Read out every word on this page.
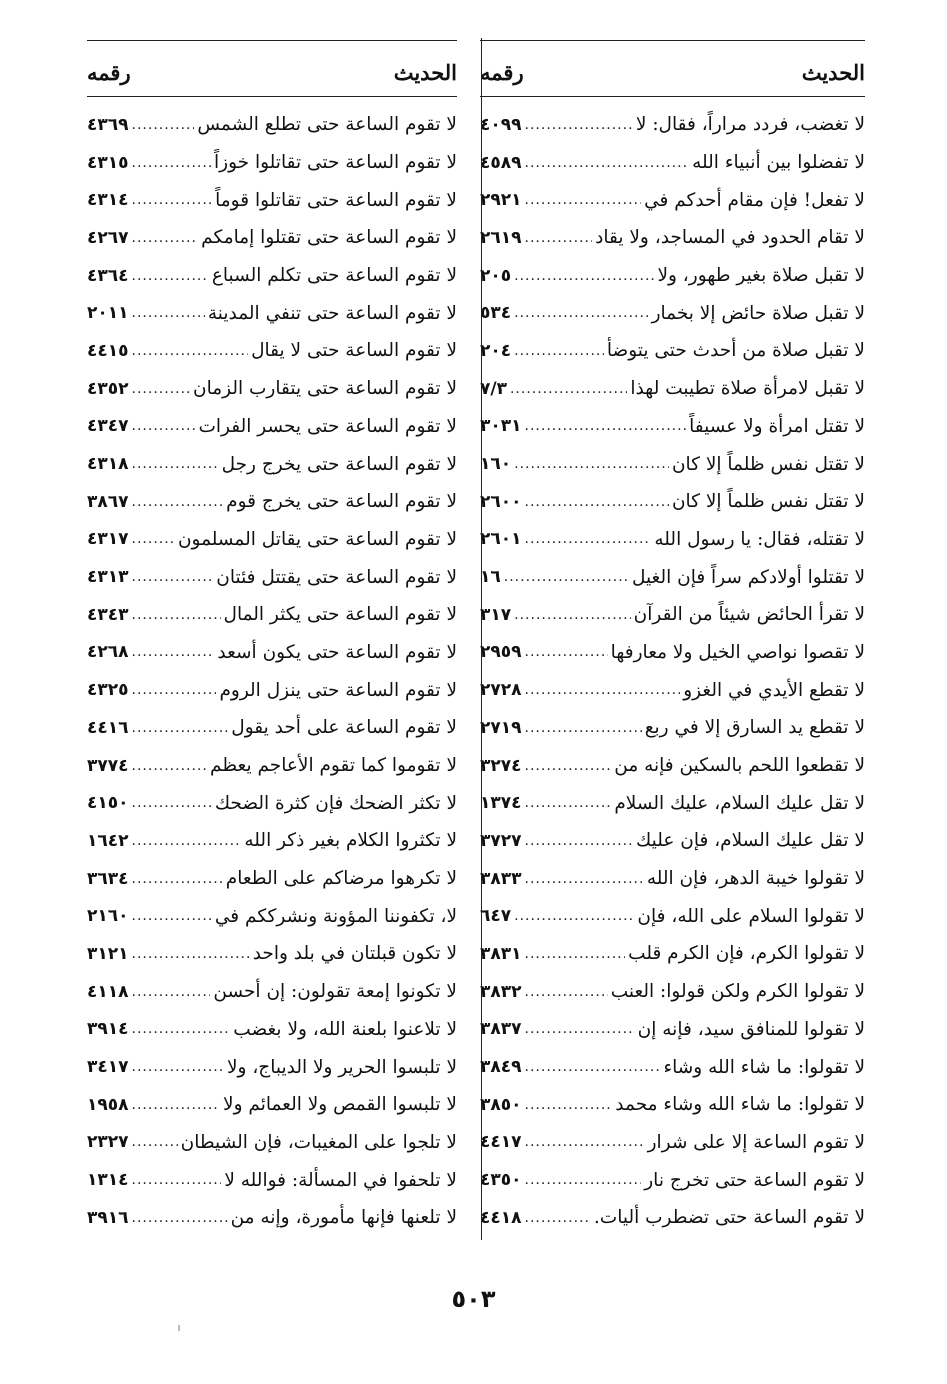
الحديث
رقمه
لا تغضب، فردد مراراً، فقال: لا
.....
٤٠٩٩
لا تفضلوا بين أنبياء الله
.....
٤٥٨٩
لا تفعل! فإن مقام أحدكم في
.....
٢٩٢١
لا تقام الحدود في المساجد، ولا يقاد
.....
٢٦١٩
لا تقبل صلاة بغير طهور، ولا
.....
٢٠٥
لا تقبل صلاة حائض إلا بخمار
.....
٥٣٤
لا تقبل صلاة من أحدث حتى يتوضأ
.....
٢٠٤
لا تقبل لامرأة صلاة تطيبت لهذا
.....
٧/٣
لا تقتل امرأة ولا عسيفاً
.....
٣٠٣١
لا تقتل نفس ظلماً إلا كان
.....
١٦٠
لا تقتل نفس ظلماً إلا كان
.....
٢٦٠٠
لا تقتله، فقال: يا رسول الله
.....
٢٦٠١
لا تقتلوا أولادكم سراً فإن الغيل
.....
١٦
لا تقرأ الحائض شيئاً من القرآن
.....
٣١٧
لا تقصوا نواصي الخيل ولا معارفها
.....
٢٩٥٩
لا تقطع الأيدي في الغزو
.....
٢٧٢٨
لا تقطع يد السارق إلا في ربع
.....
٢٧١٩
لا تقطعوا اللحم بالسكين فإنه من
.....
٣٢٧٤
لا تقل عليك السلام، عليك السلام
.....
١٣٧٤
لا تقل عليك السلام، فإن عليك
.....
٣٧٢٧
لا تقولوا خيبة الدهر، فإن الله
.....
٣٨٣٣
لا تقولوا السلام على الله، فإن
.....
٦٤٧
لا تقولوا الكرم، فإن الكرم قلب
.....
٣٨٣١
لا تقولوا الكرم ولكن قولوا: العنب
.....
٣٨٣٢
لا تقولوا للمنافق سيد، فإنه إن
.....
٣٨٣٧
لا تقولوا: ما شاء الله وشاء
.....
٣٨٤٩
لا تقولوا: ما شاء الله وشاء محمد
.....
٣٨٥٠
لا تقوم الساعة إلا على شرار
.....
٤٤١٧
لا تقوم الساعة حتى تخرج نار
.....
٤٣٥٠
لا تقوم الساعة حتى تضطرب أليات.
.....
٤٤١٨
الحديث
رقمه
لا تقوم الساعة حتى تطلع الشمس
.....
٤٣٦٩
لا تقوم الساعة حتى تقاتلوا خوزاً
.....
٤٣١٥
لا تقوم الساعة حتى تقاتلوا قوماً
.....
٤٣١٤
لا تقوم الساعة حتى تقتلوا إمامكم
.....
٤٢٦٧
لا تقوم الساعة حتى تكلم السباع
.....
٤٣٦٤
لا تقوم الساعة حتى تنفي المدينة
.....
٢٠١١
لا تقوم الساعة حتى لا يقال
.....
٤٤١٥
لا تقوم الساعة حتى يتقارب الزمان
.....
٤٣٥٢
لا تقوم الساعة حتى يحسر الفرات
.....
٤٣٤٧
لا تقوم الساعة حتى يخرج رجل
.....
٤٣١٨
لا تقوم الساعة حتى يخرج قوم
.....
٣٨٦٧
لا تقوم الساعة حتى يقاتل المسلمون
.....
٤٣١٧
لا تقوم الساعة حتى يقتتل فئتان
.....
٤٣١٣
لا تقوم الساعة حتى يكثر المال
.....
٤٣٤٣
لا تقوم الساعة حتى يكون أسعد
.....
٤٢٦٨
لا تقوم الساعة حتى ينزل الروم
.....
٤٣٢٥
لا تقوم الساعة على أحد يقول
.....
٤٤١٦
لا تقوموا كما تقوم الأعاجم يعظم
.....
٣٧٧٤
لا تكثر الضحك فإن كثرة الضحك
.....
٤١٥٠
لا تكثروا الكلام بغير ذكر الله
.....
١٦٤٢
لا تكرهوا مرضاكم على الطعام
.....
٣٦٣٤
لا، تكفوننا المؤونة ونشرككم في
.....
٢١٦٠
لا تكون قبلتان في بلد واحد
.....
٣١٢١
لا تكونوا إمعة تقولون: إن أحسن
.....
٤١١٨
لا تلاعنوا بلعنة الله، ولا بغضب
.....
٣٩١٤
لا تلبسوا الحرير ولا الديباج، ولا
.....
٣٤١٧
لا تلبسوا القمص ولا العمائم ولا
.....
١٩٥٨
لا تلجوا على المغيبات، فإن الشيطان
.....
٢٣٢٧
لا تلحفوا في المسألة: فوالله لا
.....
١٣١٤
لا تلعنها فإنها مأمورة، وإنه من
.....
٣٩١٦
٥٠٣
